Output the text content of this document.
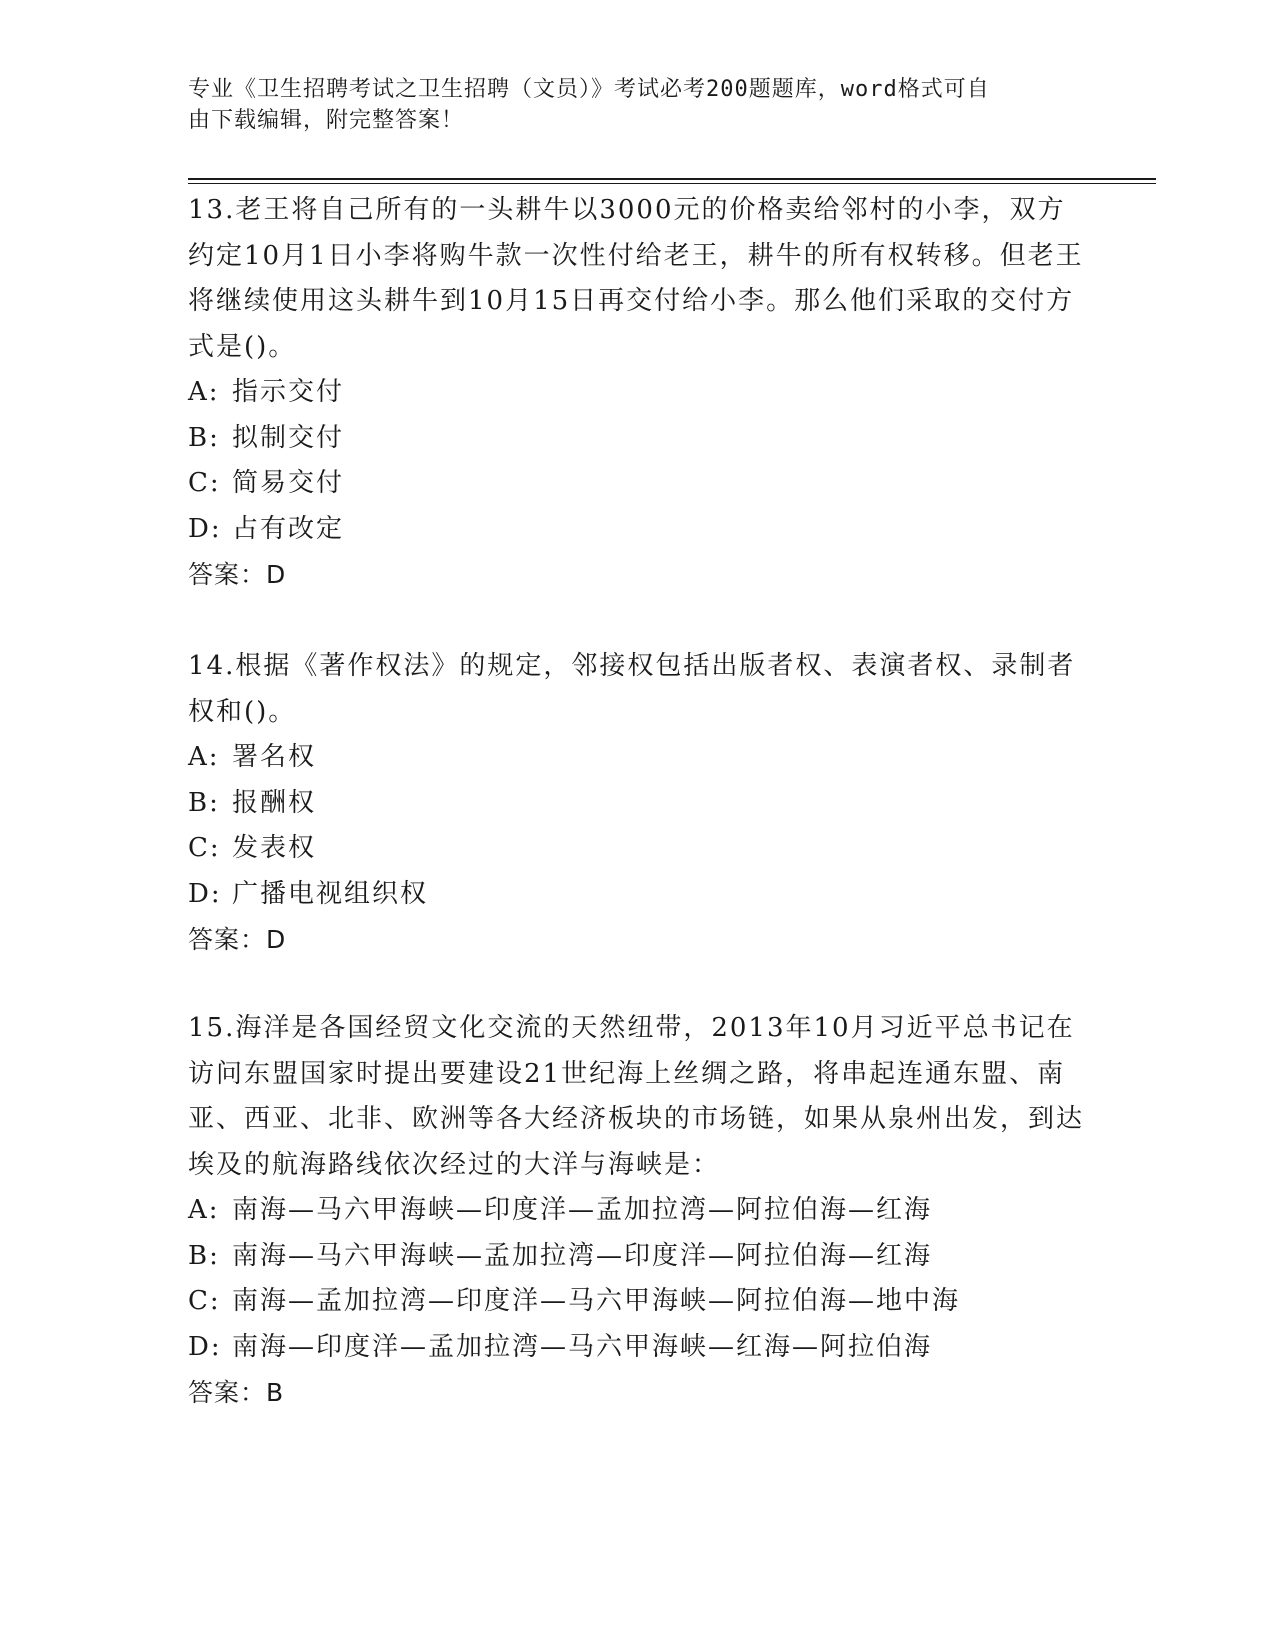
专业《卫生招聘考试之卫生招聘（文员）》考试必考200题题库，word格式可自
由下载编辑，附完整答案！
13.老王将自己所有的一头耕牛以3000元的价格卖给邻村的小李，双方约定10月1日小李将购牛款一次性付给老王，耕牛的所有权转移。但老王将继续使用这头耕牛到10月15日再交付给小李。那么他们采取的交付方式是()。
A: 指示交付
B: 拟制交付
C: 简易交付
D: 占有改定
答案：D
14.根据《著作权法》的规定，邻接权包括出版者权、表演者权、录制者权和()。
A: 署名权
B: 报酬权
C: 发表权
D: 广播电视组织权
答案：D
15.海洋是各国经贸文化交流的天然纽带，2013年10月习近平总书记在访问东盟国家时提出要建设21世纪海上丝绸之路，将串起连通东盟、南亚、西亚、北非、欧洲等各大经济板块的市场链，如果从泉州出发，到达埃及的航海路线依次经过的大洋与海峡是：
A: 南海—马六甲海峡—印度洋—孟加拉湾—阿拉伯海—红海
B: 南海—马六甲海峡—孟加拉湾—印度洋—阿拉伯海—红海
C: 南海—孟加拉湾—印度洋—马六甲海峡—阿拉伯海—地中海
D: 南海—印度洋—孟加拉湾—马六甲海峡—红海—阿拉伯海
答案：B
